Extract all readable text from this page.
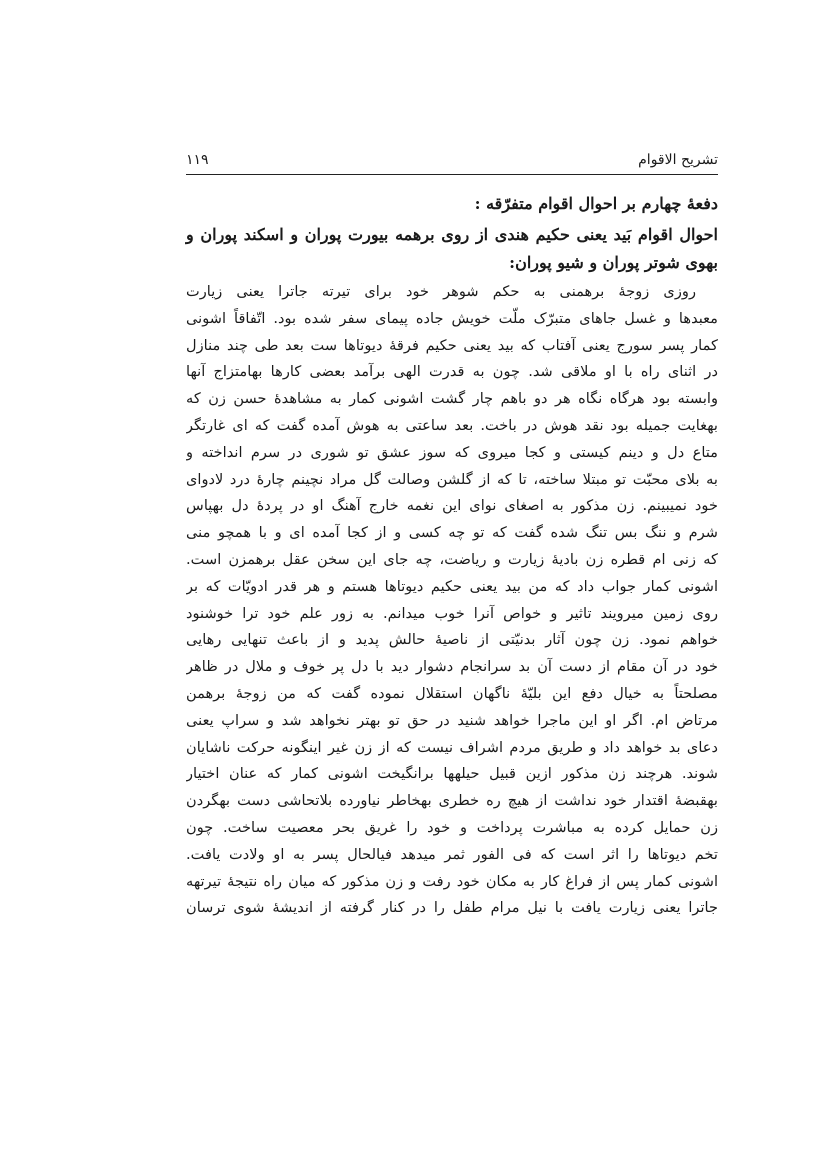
تشریح الاقوام
۱۱۹

دفعهٔ چهارم بر احوال اقوام متفرّقه :

احوال اقوام بَید یعنی حکیم هندی از روی برهمه بیورت پوران و اسکند پوران و بهوی شوتر پوران و شیو پوران:

روزی زوجهٔ برهمنی به حکم شوهر خود برای تیرته جاترا یعنی زیارت
معبدها و غسل جاهای متبرّک ملّت خویش جاده پیمای سفر شده بود. اتّفاقاً اشونی
کمار پسر سورج یعنی آفتاب که بید یعنی حکیم فرقهٔ دیوتاها ست بعد طی چند منازل
در اثنای راه با او ملاقی شد. چون به قدرت الهی برآمد بعضی کارها بهامتزاج آنها
وابسته بود هرگاه نگاه هر دو باهم چار گشت اشونی کمار به مشاهدهٔ حسن زن که
بهغایت جمیله بود نقد هوش در باخت. بعد ساعتی به هوش آمده گفت که ای غارتگر
متاع دل و دینم کیستی و کجا میروی که سوز عشق تو شوری در سرم انداخته و
به بلای محبّت تو مبتلا ساخته، تا که از گلشن وصالت گل مراد نچینم چارهٔ درد لادوای
خود نمیبینم. زن مذکور به اصغای نوای این نغمه خارج آهنگ او در پردهٔ دل بهپاس
شرم و ننگ بس تنگ شده گفت که تو چه کسی و از کجا آمده ای و با همچو منی
که زنی ام قطره زن بادیهٔ زیارت و ریاضت، چه جای این سخن عقل برهمزن است.
اشونی کمار جواب داد که من بید یعنی حکیم دیوتاها هستم و هر قدر ادویّات که بر
روی زمین میرویند تاثیر و خواص آنرا خوب میدانم. به زور علم خود ترا خوشنود
خواهم نمود. زن چون آثار بدنیّتی از ناصیهٔ حالش پدید و از باعث تنهایی رهایی
خود در آن مقام از دست آن بد سرانجام دشوار دید با دل پر خوف و ملال در ظاهر
مصلحتاً به خیال دفع این بلیّهٔ ناگهان استقلال نموده گفت که من زوجهٔ برهمن
مرتاض ام. اگر او این ماجرا خواهد شنید در حق تو بهتر نخواهد شد و سراپ یعنی
دعای بد خواهد داد و طریق مردم اشراف نیست که از زن غیر اینگونه حرکت ناشایان
شوند. هرچند زن مذکور ازین قبیل حیلهها برانگیخت اشونی کمار که عنان اختیار
بهقبضهٔ اقتدار خود نداشت از هیچ ره خطری بهخاطر نیاورده بلاتحاشی دست بهگردن
زن حمایل کرده به مباشرت پرداخت و خود را غریق بحر معصیت ساخت. چون
تخم دیوتاها را اثر است که فی الفور ثمر میدهد فیالحال پسر به او ولادت یافت.
اشونی کمار پس از فراغ کار به مکان خود رفت و زن مذکور که میان راه نتیجهٔ تیرتهه
جاترا یعنی زیارت یافت با نیل مرام طفل را در کنار گرفته از اندیشهٔ شوی ترسان
